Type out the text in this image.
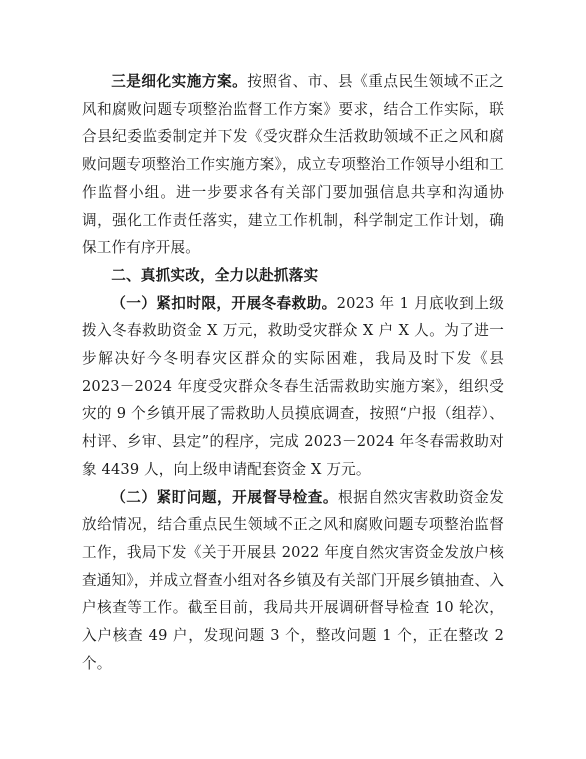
三是细化实施方案。按照省、市、县《重点民生领域不正之风和腐败问题专项整治监督工作方案》要求，结合工作实际，联合县纪委监委制定并下发《受灾群众生活救助领域不正之风和腐败问题专项整治工作实施方案》，成立专项整治工作领导小组和工作监督小组。进一步要求各有关部门要加强信息共享和沟通协调，强化工作责任落实，建立工作机制，科学制定工作计划，确保工作有序开展。

二、真抓实改，全力以赴抓落实

（一）紧扣时限，开展冬春救助。2023 年 1 月底收到上级拨入冬春救助资金 X 万元，救助受灾群众 X 户 X 人。为了进一步解决好今冬明春灾区群众的实际困难，我局及时下发《县 2023－2024 年度受灾群众冬春生活需救助实施方案》，组织受灾的 9 个乡镇开展了需救助人员摸底调查，按照“户报（组荐）、村评、乡审、县定”的程序，完成 2023－2024 年冬春需救助对象 4439 人，向上级申请配套资金 X 万元。

（二）紧盯问题，开展督导检查。根据自然灾害救助资金发放给情况，结合重点民生领域不正之风和腐败问题专项整治监督工作，我局下发《关于开展县 2022 年度自然灾害资金发放户核查通知》，并成立督查小组对各乡镇及有关部门开展乡镇抽查、入户核查等工作。截至目前，我局共开展调研督导检查 10 轮次，入户核查 49 户，发现问题 3 个，整改问题 1 个，正在整改 2 个。
